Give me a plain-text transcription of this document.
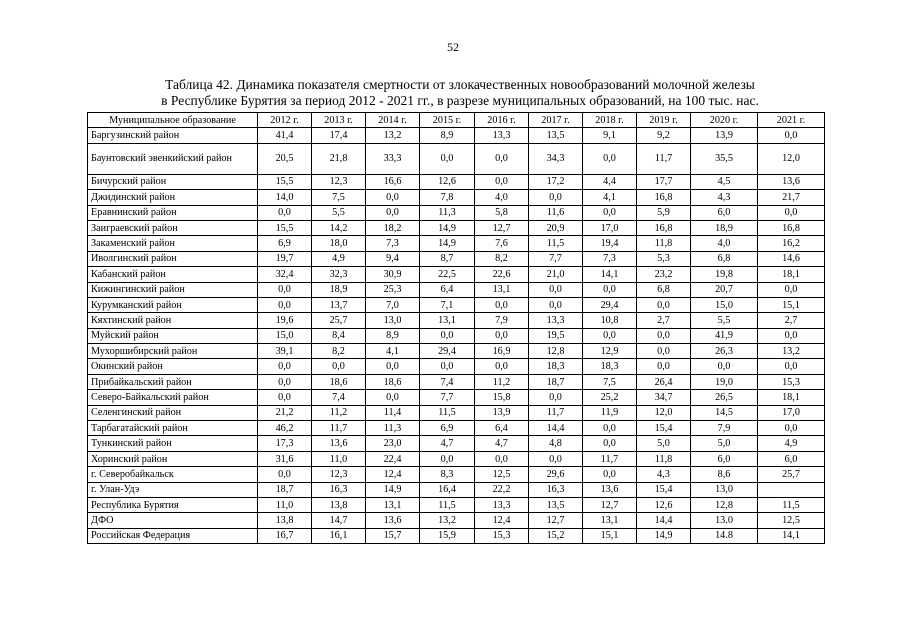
52
Таблица 42. Динамика показателя смертности от злокачественных новообразований молочной железы
в Республике Бурятия за период 2012 - 2021 гг., в разрезе муниципальных образований, на 100 тыс. нас.
Муниципальное образование	2012 г.	2013 г.	2014 г.	2015 г.	2016 г.	2017 г.	2018 г.	2019 г.	2020 г.	2021 г.
Баргузинский район	41,4	17,4	13,2	8,9	13,3	13,5	9,1	9,2	13,9	0,0
Баунтовский эвенкийский район	20,5	21,8	33,3	0,0	0,0	34,3	0,0	11,7	35,5	12,0
Бичурский район	15,5	12,3	16,6	12,6	0,0	17,2	4,4	17,7	4,5	13,6
Джидинский район	14,0	7,5	0,0	7,8	4,0	0,0	4,1	16,8	4,3	21,7
Еравнинский район	0,0	5,5	0,0	11,3	5,8	11,6	0,0	5,9	6,0	0,0
Заиграевский район	15,5	14,2	18,2	14,9	12,7	20,9	17,0	16,8	18,9	16,8
Закаменский район	6,9	18,0	7,3	14,9	7,6	11,5	19,4	11,8	4,0	16,2
Иволгинский район	19,7	4,9	9,4	8,7	8,2	7,7	7,3	5,3	6,8	14,6
Кабанский район	32,4	32,3	30,9	22,5	22,6	21,0	14,1	23,2	19,8	18,1
Кижингинский район	0,0	18,9	25,3	6,4	13,1	0,0	0,0	6,8	20,7	0,0
Курумканский район	0,0	13,7	7,0	7,1	0,0	0,0	29,4	0,0	15,0	15,1
Кяхтинский район	19,6	25,7	13,0	13,1	7,9	13,3	10,8	2,7	5,5	2,7
Муйский район	15,0	8,4	8,9	0,0	0,0	19,5	0,0	0,0	41,9	0,0
Мухоршибирский район	39,1	8,2	4,1	29,4	16,9	12,8	12,9	0,0	26,3	13,2
Окинский район	0,0	0,0	0,0	0,0	0,0	18,3	18,3	0,0	0,0	0,0
Прибайкальский район	0,0	18,6	18,6	7,4	11,2	18,7	7,5	26,4	19,0	15,3
Северо-Байкальский район	0,0	7,4	0,0	7,7	15,8	0,0	25,2	34,7	26,5	18,1
Селенгинский район	21,2	11,2	11,4	11,5	13,9	11,7	11,9	12,0	14,5	17,0
Тарбагатайский район	46,2	11,7	11,3	6,9	6,4	14,4	0,0	15,4	7,9	0,0
Тункинский район	17,3	13,6	23,0	4,7	4,7	4,8	0,0	5,0	5,0	4,9
Хоринский район	31,6	11,0	22,4	0,0	0,0	0,0	11,7	11,8	6,0	6,0
г. Северобайкальск	0,0	12,3	12,4	8,3	12,5	29,6	0,0	4,3	8,6	25,7
г. Улан-Удэ	18,7	16,3	14,9	16,4	22,2	16,3	13,6	15,4	13,0	
Республика Бурятия	11,0	13,8	13,1	11,5	13,3	13,5	12,7	12,6	12,8	11,5
ДФО	13,8	14,7	13,6	13,2	12,4	12,7	13,1	14,4	13.0	12,5
Российская Федерация	16,7	16,1	15,7	15,9	15,3	15,2	15,1	14,9	14.8	14,1
